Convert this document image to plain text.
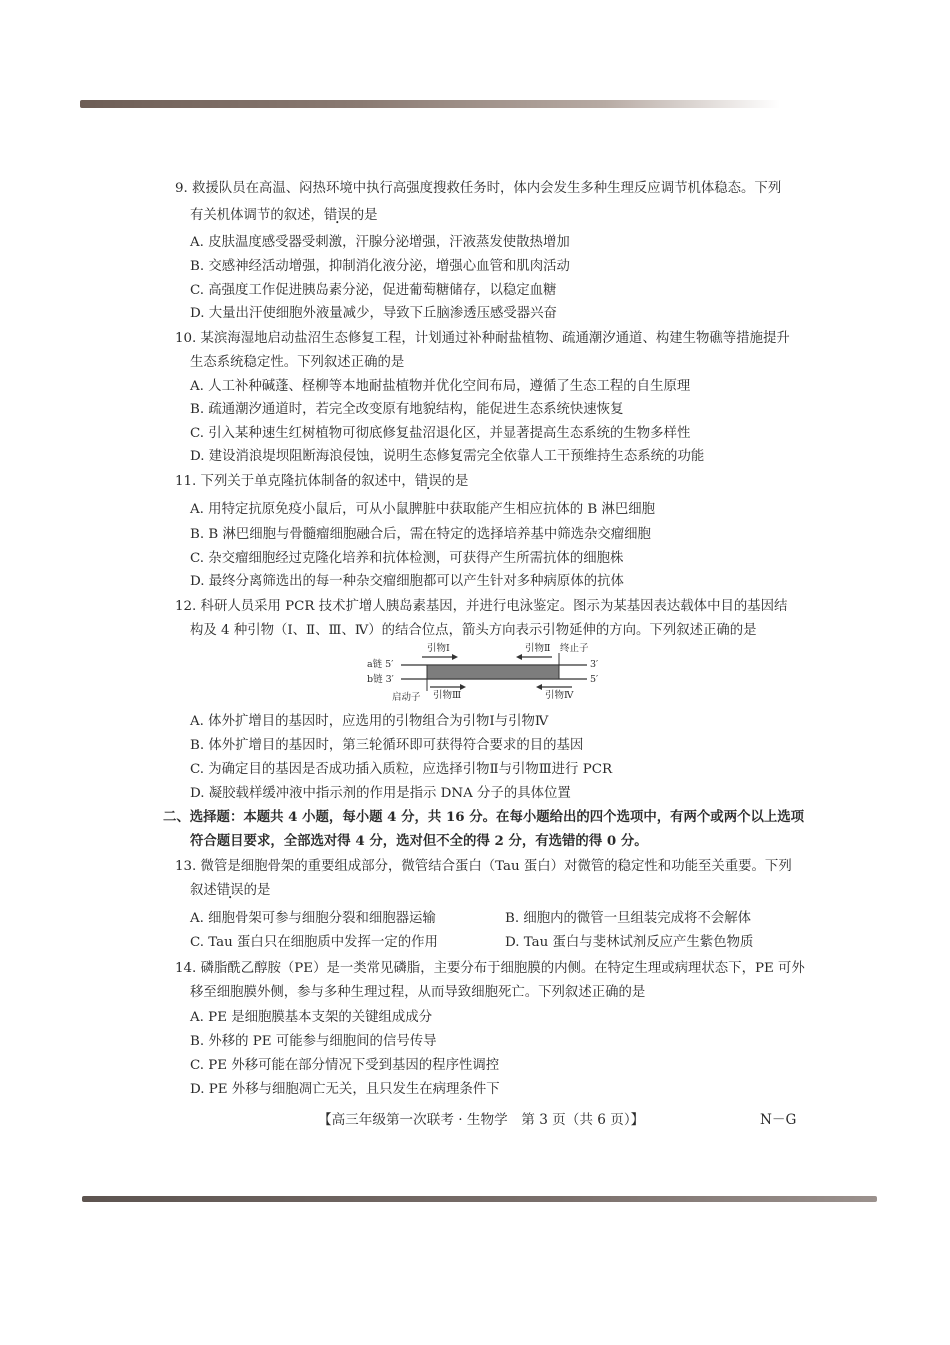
9. 救援队员在高温、闷热环境中执行高强度搜救任务时，体内会发生多种生理反应调节机体稳态。下列
有关机体调节的叙述，错误的是
A. 皮肤温度感受器受刺激，汗腺分泌增强，汗液蒸发使散热增加
B. 交感神经活动增强，抑制消化液分泌，增强心血管和肌肉活动
C. 高强度工作促进胰岛素分泌，促进葡萄糖储存，以稳定血糖
D. 大量出汗使细胞外液量减少，导致下丘脑渗透压感受器兴奋
10. 某滨海湿地启动盐沼生态修复工程，计划通过补种耐盐植物、疏通潮汐通道、构建生物礁等措施提升
生态系统稳定性。下列叙述正确的是
A. 人工补种碱蓬、柽柳等本地耐盐植物并优化空间布局，遵循了生态工程的自生原理
B. 疏通潮汐通道时，若完全改变原有地貌结构，能促进生态系统快速恢复
C. 引入某种速生红树植物可彻底修复盐沼退化区，并显著提高生态系统的生物多样性
D. 建设消浪堤坝阻断海浪侵蚀，说明生态修复需完全依靠人工干预维持生态系统的功能
11. 下列关于单克隆抗体制备的叙述中，错误的是
A. 用特定抗原免疫小鼠后，可从小鼠脾脏中获取能产生相应抗体的 B 淋巴细胞
B. B 淋巴细胞与骨髓瘤细胞融合后，需在特定的选择培养基中筛选杂交瘤细胞
C. 杂交瘤细胞经过克隆化培养和抗体检测，可获得产生所需抗体的细胞株
D. 最终分离筛选出的每一种杂交瘤细胞都可以产生针对多种病原体的抗体
12. 科研人员采用 PCR 技术扩增人胰岛素基因，并进行电泳鉴定。图示为某基因表达载体中目的基因结
构及 4 种引物（Ⅰ、Ⅱ、Ⅲ、Ⅳ）的结合位点，箭头方向表示引物延伸的方向。下列叙述正确的是
a链 5′
b链 3′
3′
5′
引物Ⅰ	引物Ⅱ 终止子
引物Ⅲ
启动子	引物Ⅳ
A. 体外扩增目的基因时，应选用的引物组合为引物Ⅰ与引物Ⅳ
B. 体外扩增目的基因时，第三轮循环即可获得符合要求的目的基因
C. 为确定目的基因是否成功插入质粒，应选择引物Ⅱ与引物Ⅲ进行 PCR
D. 凝胶载样缓冲液中指示剂的作用是指示 DNA 分子的具体位置
二、选择题：本题共 4 小题，每小题 4 分，共 16 分。在每小题给出的四个选项中，有两个或两个以上选项
符合题目要求，全部选对得 4 分，选对但不全的得 2 分，有选错的得 0 分。
13. 微管是细胞骨架的重要组成部分，微管结合蛋白（Tau 蛋白）对微管的稳定性和功能至关重要。下列
叙述错误的是
A. 细胞骨架可参与细胞分裂和细胞器运输	B. 细胞内的微管一旦组装完成将不会解体
C. Tau 蛋白只在细胞质中发挥一定的作用	D. Tau 蛋白与斐林试剂反应产生紫色物质
14. 磷脂酰乙醇胺（PE）是一类常见磷脂，主要分布于细胞膜的内侧。在特定生理或病理状态下，PE 可外
移至细胞膜外侧，参与多种生理过程，从而导致细胞死亡。下列叙述正确的是
A. PE 是细胞膜基本支架的关键组成成分
B. 外移的 PE 可能参与细胞间的信号传导
C. PE 外移可能在部分情况下受到基因的程序性调控
D. PE 外移与细胞凋亡无关，且只发生在病理条件下
【高三年级第一次联考 · 生物学　第 3 页（共 6 页）】	N－G
